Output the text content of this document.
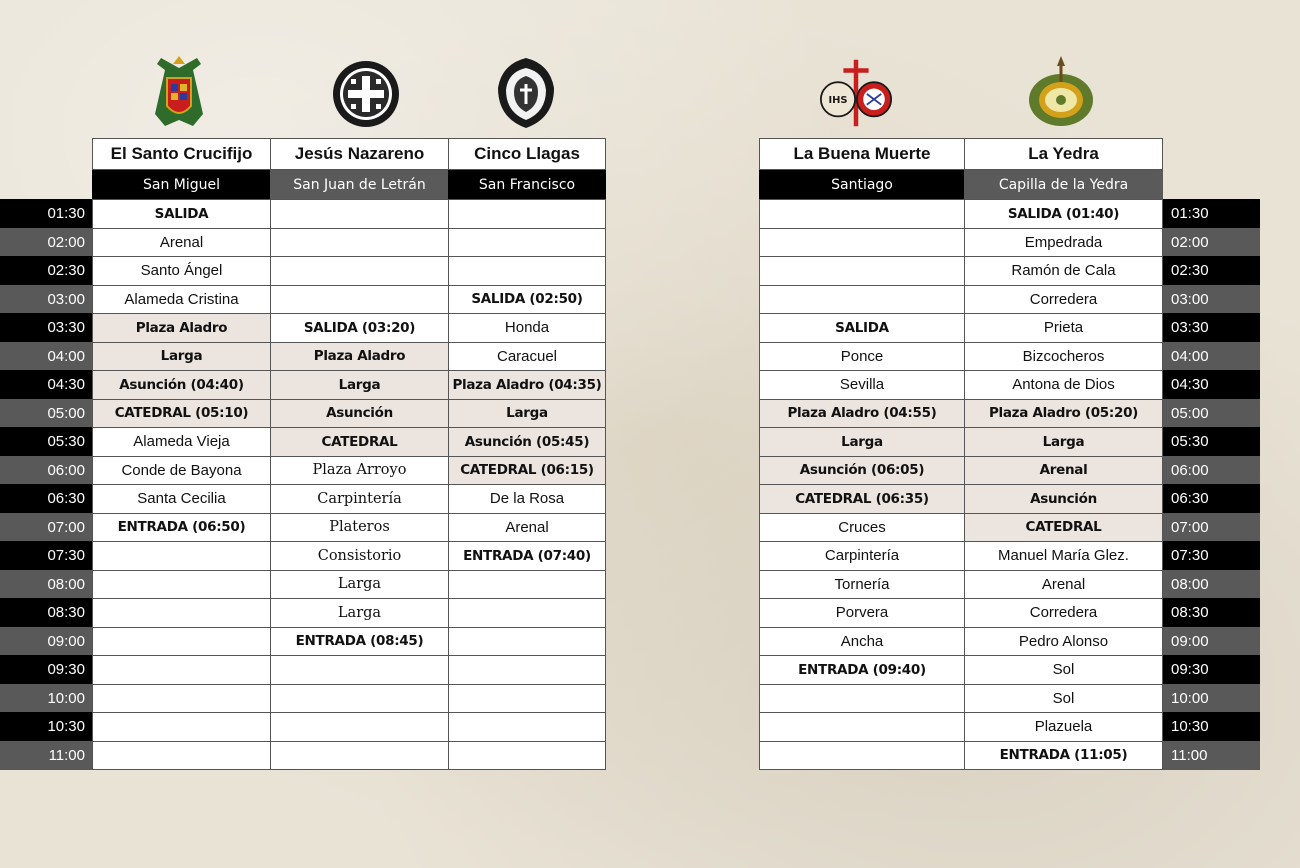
IHS
01:30
02:00
02:30
03:00
03:30
04:00
04:30
05:00
05:30
06:00
06:30
07:00
07:30
08:00
08:30
09:00
09:30
10:00
10:30
11:00
El Santo Crucifijo
San Miguel
SALIDA
Arenal
Santo Ángel
Alameda Cristina
Plaza Aladro
Larga
Asunción (04:40)
CATEDRAL (05:10)
Alameda Vieja
Conde de Bayona
Santa Cecilia
ENTRADA (06:50)
Jesús Nazareno
San Juan de Letrán
SALIDA (03:20)
Plaza Aladro
Larga
Asunción
CATEDRAL
Plaza Arroyo
Carpintería
Plateros
Consistorio
Larga
Larga
ENTRADA (08:45)
Cinco Llagas
San Francisco
SALIDA (02:50)
Honda
Caracuel
Plaza Aladro (04:35)
Larga
Asunción (05:45)
CATEDRAL (06:15)
De la Rosa
Arenal
ENTRADA (07:40)
01:30
02:00
02:30
03:00
03:30
04:00
04:30
05:00
05:30
06:00
06:30
07:00
07:30
08:00
08:30
09:00
09:30
10:00
10:30
11:00
La Buena Muerte
Santiago
SALIDA
Ponce
Sevilla
Plaza Aladro (04:55)
Larga
Asunción (06:05)
CATEDRAL (06:35)
Cruces
Carpintería
Tornería
Porvera
Ancha
ENTRADA (09:40)
La Yedra
Capilla de la Yedra
SALIDA (01:40)
Empedrada
Ramón de Cala
Corredera
Prieta
Bizcocheros
Antona de Dios
Plaza Aladro (05:20)
Larga
Arenal
Asunción
CATEDRAL
Manuel María Glez.
Arenal
Corredera
Pedro Alonso
Sol
Sol
Plazuela
ENTRADA (11:05)
